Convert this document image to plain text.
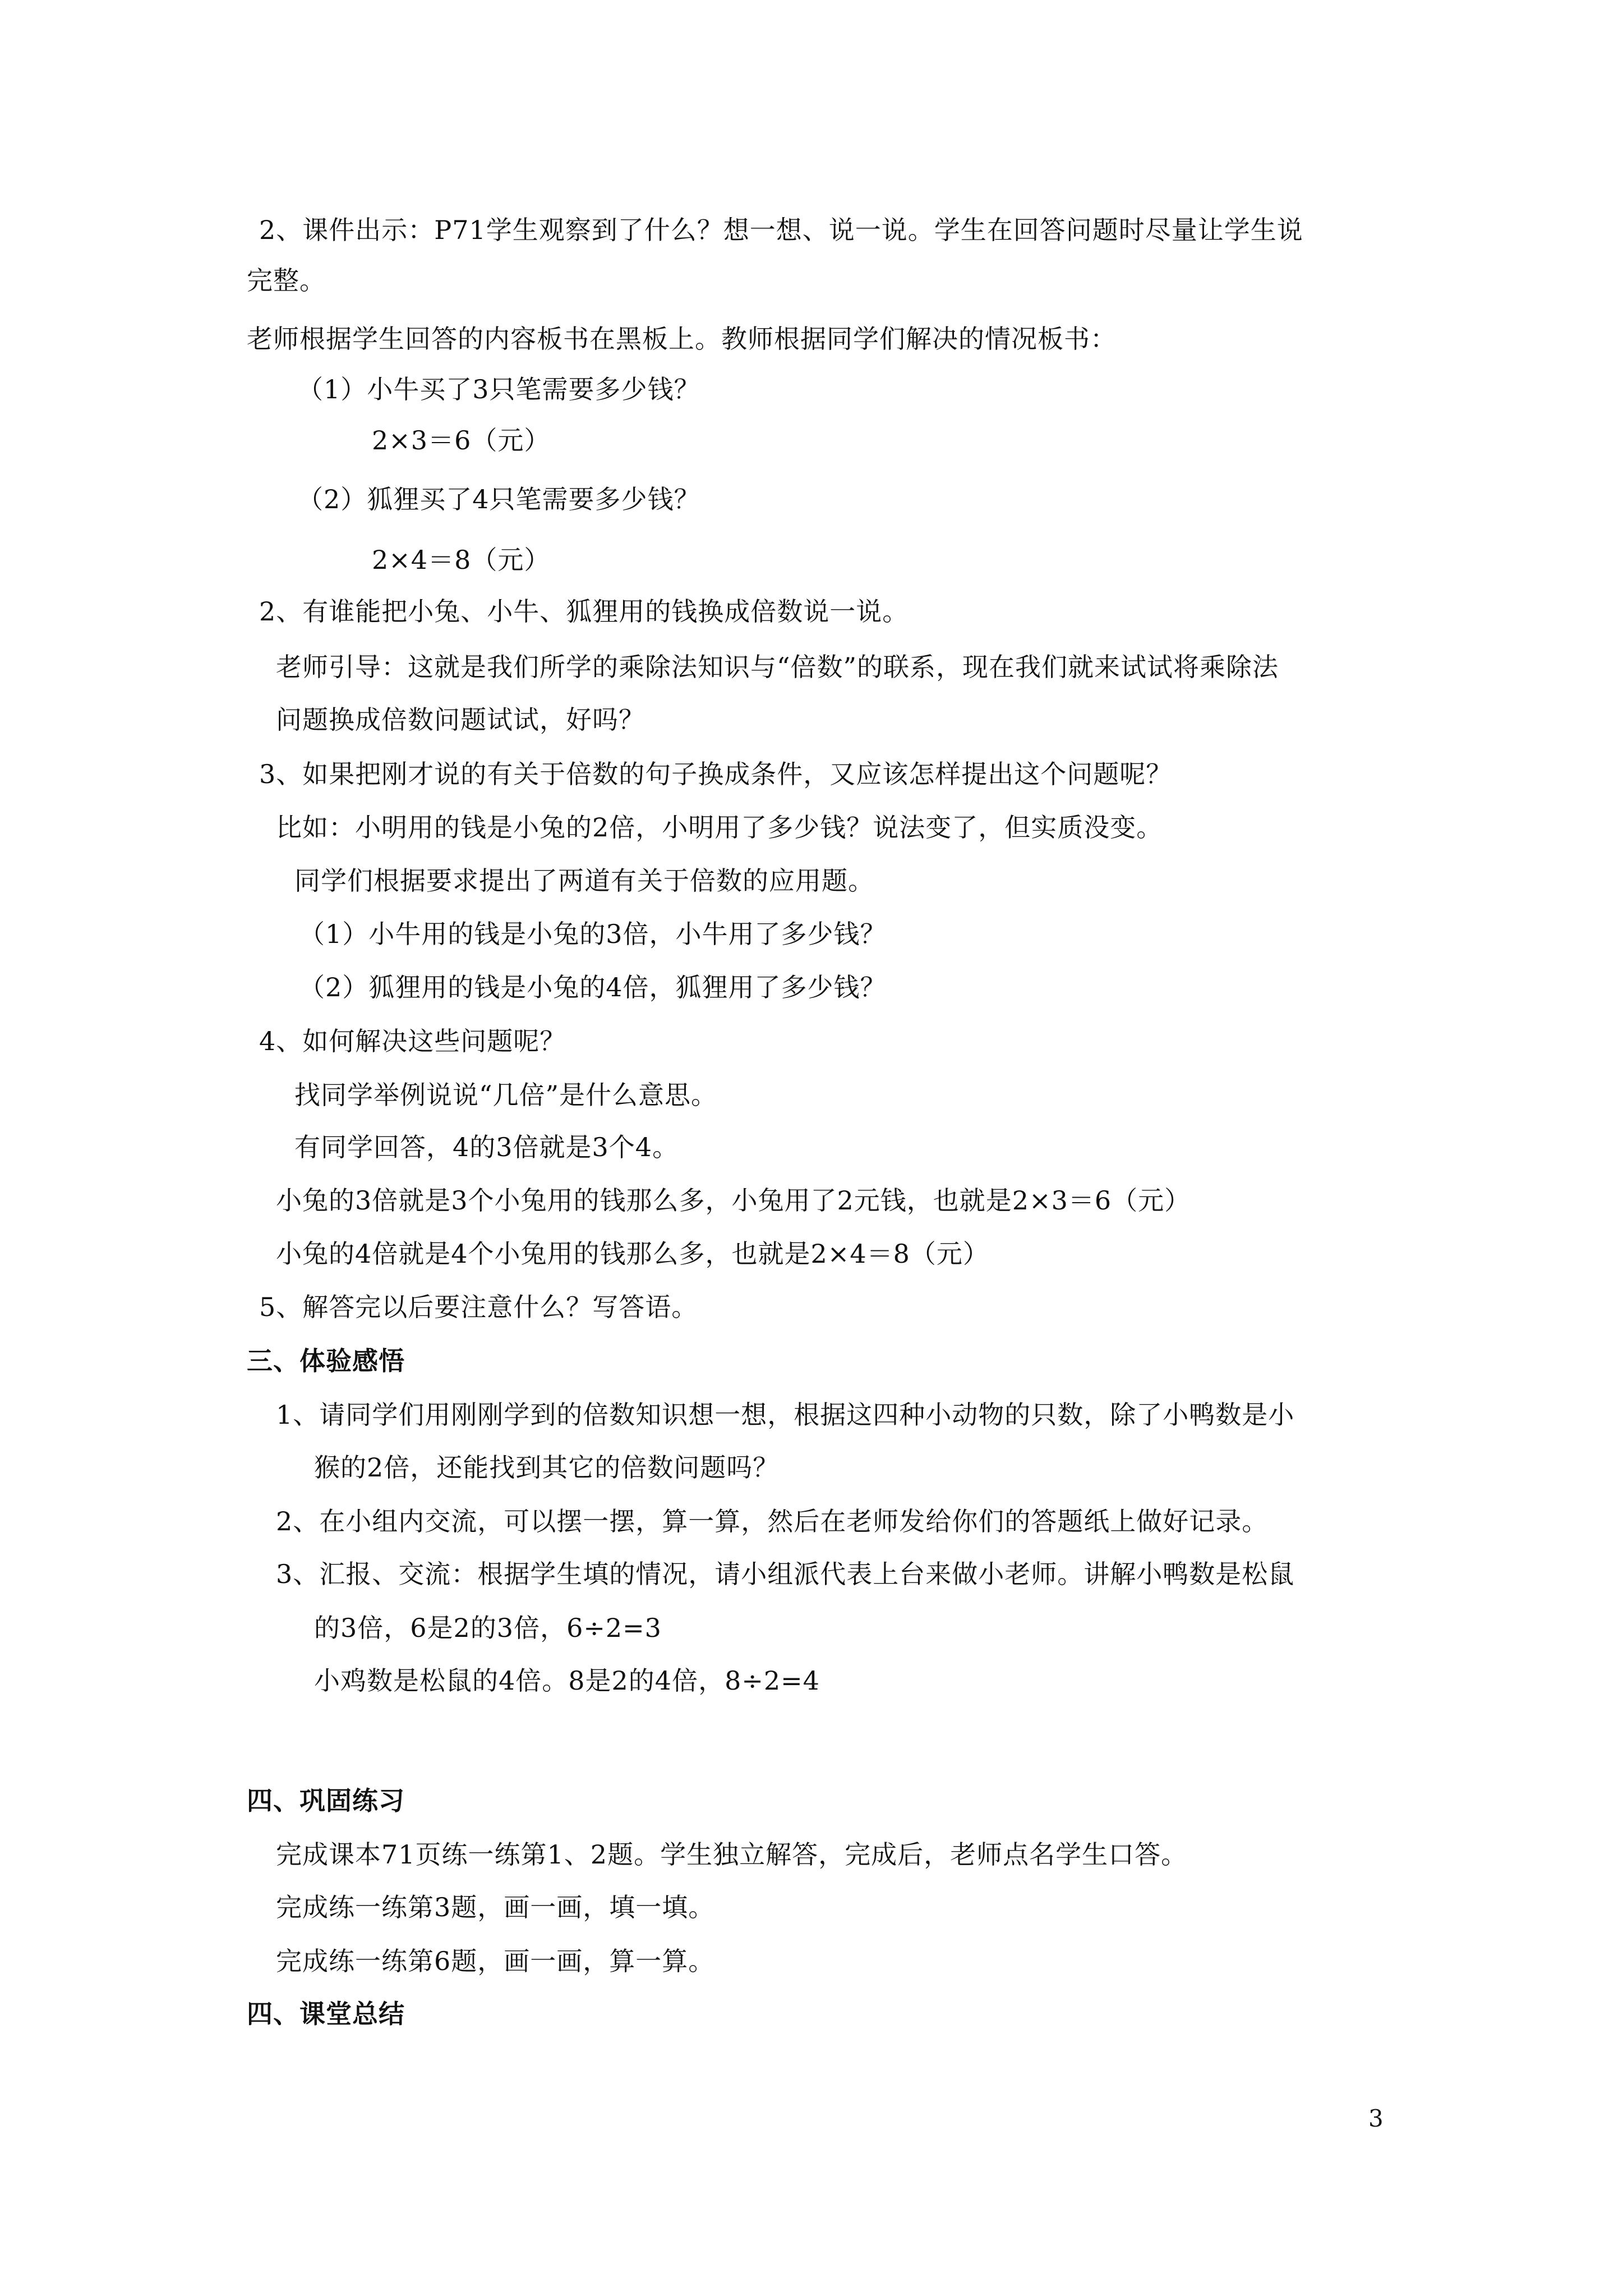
2、课件出示：P71学生观察到了什么？想一想、说一说。学生在回答问题时尽量让学生说
完整。
老师根据学生回答的内容板书在黑板上。教师根据同学们解决的情况板书：
（1）小牛买了3只笔需要多少钱？
2×3＝6（元）
（2）狐狸买了4只笔需要多少钱？
2×4＝8（元）
2、有谁能把小兔、小牛、狐狸用的钱换成倍数说一说。
老师引导：这就是我们所学的乘除法知识与“倍数”的联系，现在我们就来试试将乘除法
问题换成倍数问题试试，好吗？
3、如果把刚才说的有关于倍数的句子换成条件，又应该怎样提出这个问题呢？
比如：小明用的钱是小兔的2倍，小明用了多少钱？说法变了，但实质没变。
同学们根据要求提出了两道有关于倍数的应用题。
（1）小牛用的钱是小兔的3倍，小牛用了多少钱？
（2）狐狸用的钱是小兔的4倍，狐狸用了多少钱？
4、如何解决这些问题呢？
找同学举例说说“几倍”是什么意思。
有同学回答，4的3倍就是3个4。
小兔的3倍就是3个小兔用的钱那么多，小兔用了2元钱，也就是2×3＝6（元）
小兔的4倍就是4个小兔用的钱那么多，也就是2×4＝8（元）
5、解答完以后要注意什么？写答语。
三、体验感悟
1、请同学们用刚刚学到的倍数知识想一想，根据这四种小动物的只数，除了小鸭数是小
猴的2倍，还能找到其它的倍数问题吗？
2、在小组内交流，可以摆一摆，算一算，然后在老师发给你们的答题纸上做好记录。
3、汇报、交流：根据学生填的情况，请小组派代表上台来做小老师。讲解小鸭数是松鼠
的3倍，6是2的3倍，6÷2=3
小鸡数是松鼠的4倍。8是2的4倍，8÷2=4
四、巩固练习
完成课本71页练一练第1、2题。学生独立解答，完成后，老师点名学生口答。
完成练一练第3题，画一画，填一填。
完成练一练第6题，画一画，算一算。
四、课堂总结
3
